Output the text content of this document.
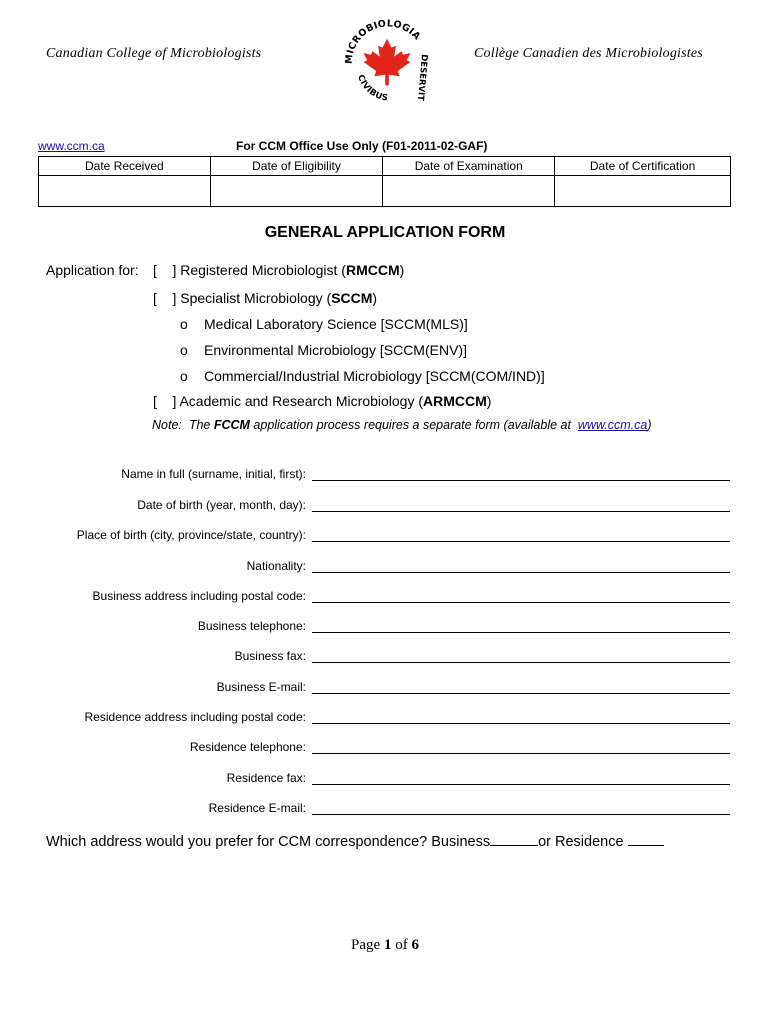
Canadian College of Microbiologists	Collège Canadien des Microbiologistes
MICROBIOLOGIA
CIVIBUS	DESERVIT
www.ccm.ca	For CCM Office Use Only (F01-2011-02-GAF)
Date Received	Date of Eligibility	Date of Examination	Date of Certification

GENERAL APPLICATION FORM
Application for: [    ] Registered Microbiologist (RMCCM)
[    ] Specialist Microbiology (SCCM)
o Medical Laboratory Science [SCCM(MLS)]
o Environmental Microbiology [SCCM(ENV)]
o Commercial/Industrial Microbiology [SCCM(COM/IND)]
[    ] Academic and Research Microbiology (ARMCCM)
Note:  The FCCM application process requires a separate form (available at  www.ccm.ca)
Name in full (surname, initial, first):
Date of birth (year, month, day):
Place of birth (city, province/state, country):
Nationality:
Business address including postal code:
Business telephone:
Business fax:
Business E-mail:
Residence address including postal code:
Residence telephone:
Residence fax:
Residence E-mail:
Which address would you prefer for CCM correspondence? Business	or Residence
Page 1 of 6
